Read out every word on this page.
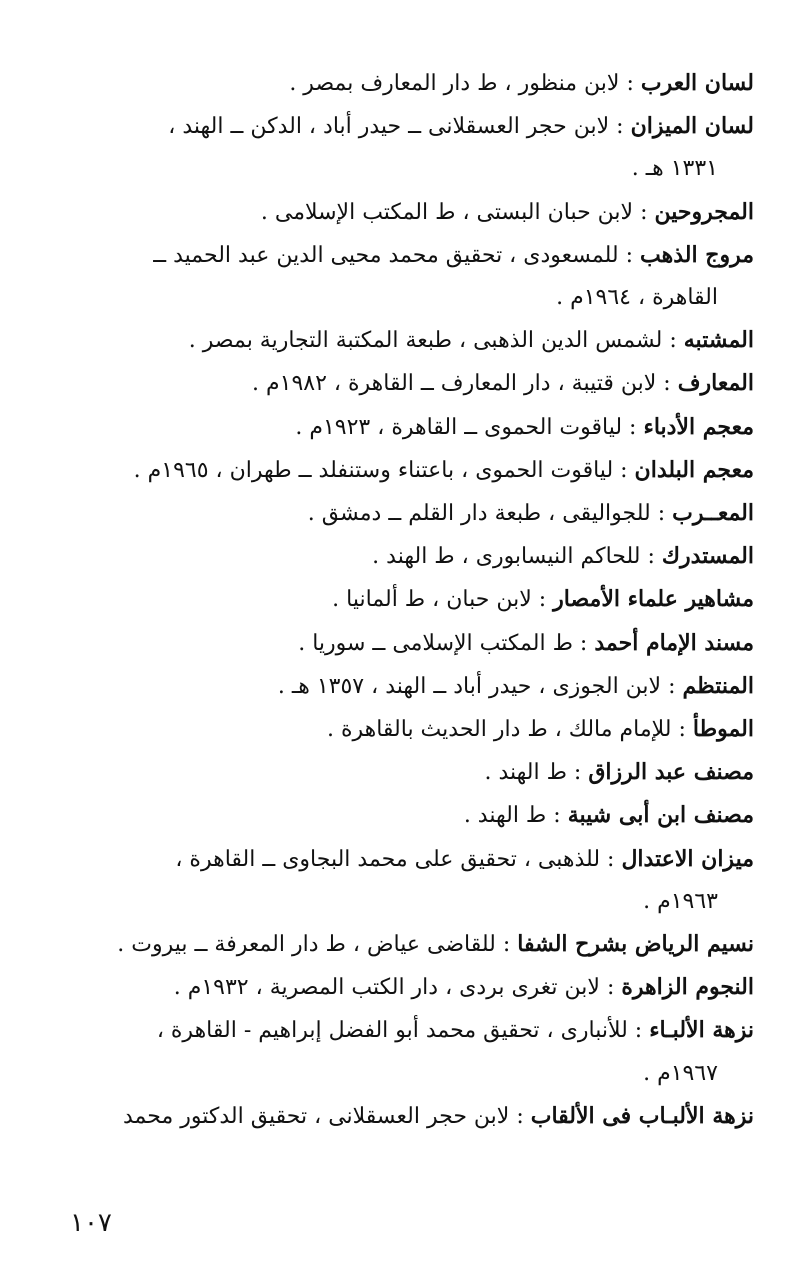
لسان العرب : لابن منظور ، ط دار المعارف بمصر .

لسان الميزان : لابن حجر العسقلانى ــ حيدر أباد ، الدكن ــ الهند ،
١٣٣١ هـ .

المجروحين : لابن حبان البستى ، ط المكتب الإسلامى .

مروج الذهب : للمسعودى ، تحقيق محمد محيى الدين عبد الحميد ــ
القاهرة ، ١٩٦٤م .

المشتبه : لشمس الدين الذهبى ، طبعة المكتبة التجارية بمصر .

المعارف : لابن قتيبة ، دار المعارف ــ القاهرة ، ١٩٨٢م .

معجم الأدباء : لياقوت الحموى ــ القاهرة ، ١٩٢٣م .

معجم البلدان : لياقوت الحموى ، باعتناء وستنفلد ــ طهران ، ١٩٦٥م .

المعــرب : للجواليقى ، طبعة دار القلم ــ دمشق .

المستدرك : للحاكم النيسابورى ، ط الهند .

مشاهير علماء الأمصار : لابن حبان ، ط ألمانيا .

مسند الإمام أحمد : ط المكتب الإسلامى ــ سوريا .

المنتظم : لابن الجوزى ، حيدر أباد ــ الهند ، ١٣٥٧ هـ .

الموطأ : للإمام مالك ، ط دار الحديث بالقاهرة .

مصنف عبد الرزاق : ط الهند .

مصنف ابن أبى شيبة : ط الهند .

ميزان الاعتدال : للذهبى ، تحقيق على محمد البجاوى ــ القاهرة ،
١٩٦٣م .

نسيم الرياض بشرح الشفا : للقاضى عياض ، ط دار المعرفة ــ بيروت .

النجوم الزاهرة : لابن تغرى بردى ، دار الكتب المصرية ، ١٩٣٢م .

نزهة الألبـاء : للأنبارى ، تحقيق محمد أبو الفضل إبراهيم - القاهرة ،
١٩٦٧م .

نزهة الألبـاب فى الألقاب : لابن حجر العسقلانى ، تحقيق الدكتور محمد

١٠٧
